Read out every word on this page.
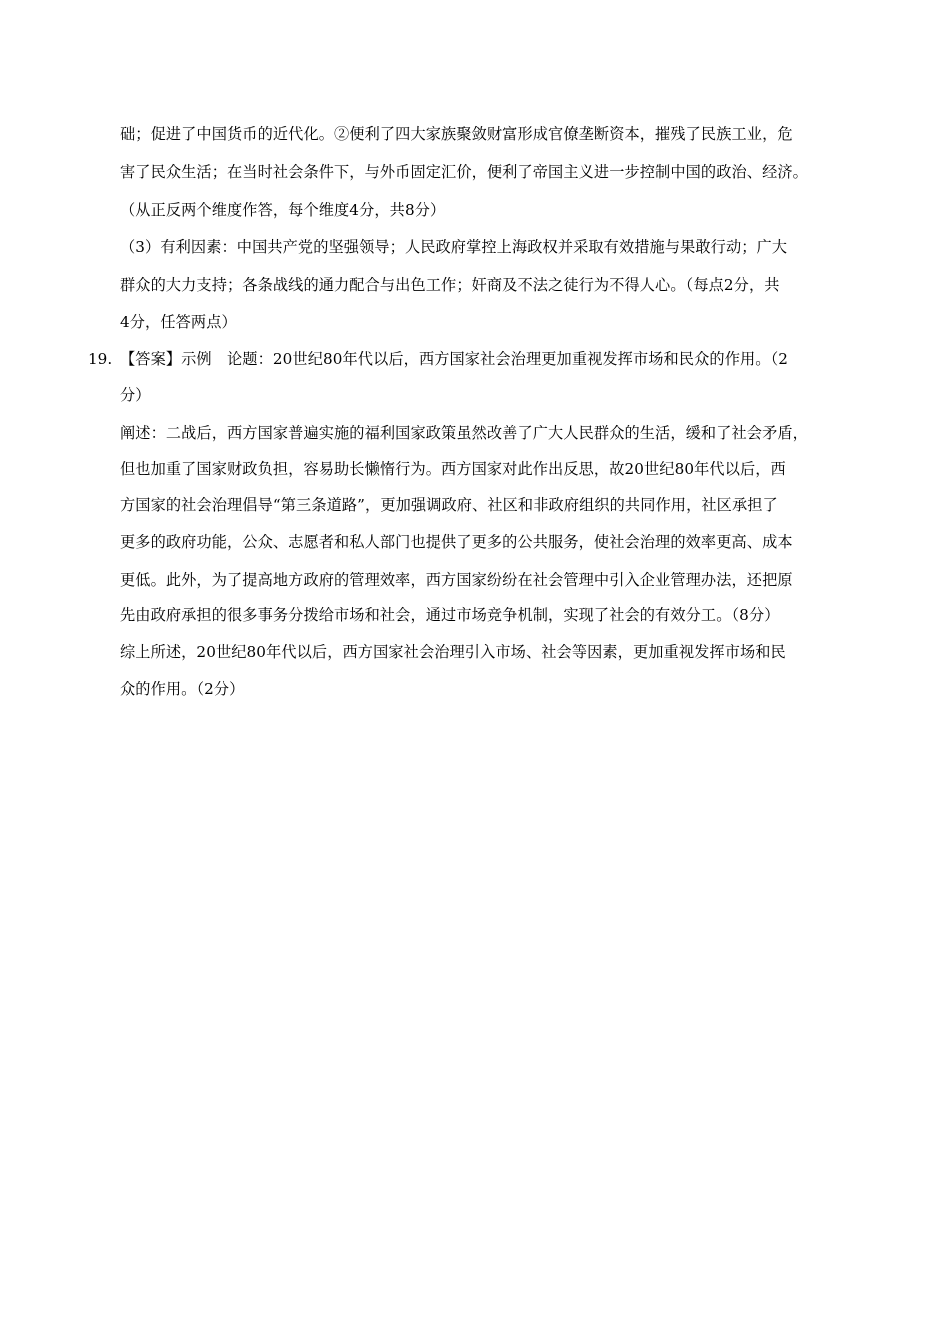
础；促进了中国货币的近代化。②便利了四大家族聚敛财富形成官僚垄断资本，摧残了民族工业，危
害了民众生活；在当时社会条件下，与外币固定汇价，便利了帝国主义进一步控制中国的政治、经济。
（从正反两个维度作答，每个维度4分，共8分）
（3）有利因素：中国共产党的坚强领导；人民政府掌控上海政权并采取有效措施与果敢行动；广大
群众的大力支持；各条战线的通力配合与出色工作；奸商及不法之徒行为不得人心。（每点2分，共
4分，任答两点）
19. 【答案】示例　论题：20世纪80年代以后，西方国家社会治理更加重视发挥市场和民众的作用。（2
分）
阐述：二战后，西方国家普遍实施的福利国家政策虽然改善了广大人民群众的生活，缓和了社会矛盾，
但也加重了国家财政负担，容易助长懒惰行为。西方国家对此作出反思，故20世纪80年代以后，西
方国家的社会治理倡导“第三条道路”，更加强调政府、社区和非政府组织的共同作用，社区承担了
更多的政府功能，公众、志愿者和私人部门也提供了更多的公共服务，使社会治理的效率更高、成本
更低。此外，为了提高地方政府的管理效率，西方国家纷纷在社会管理中引入企业管理办法，还把原
先由政府承担的很多事务分拨给市场和社会，通过市场竞争机制，实现了社会的有效分工。（8分）
综上所述，20世纪80年代以后，西方国家社会治理引入市场、社会等因素，更加重视发挥市场和民
众的作用。（2分）
